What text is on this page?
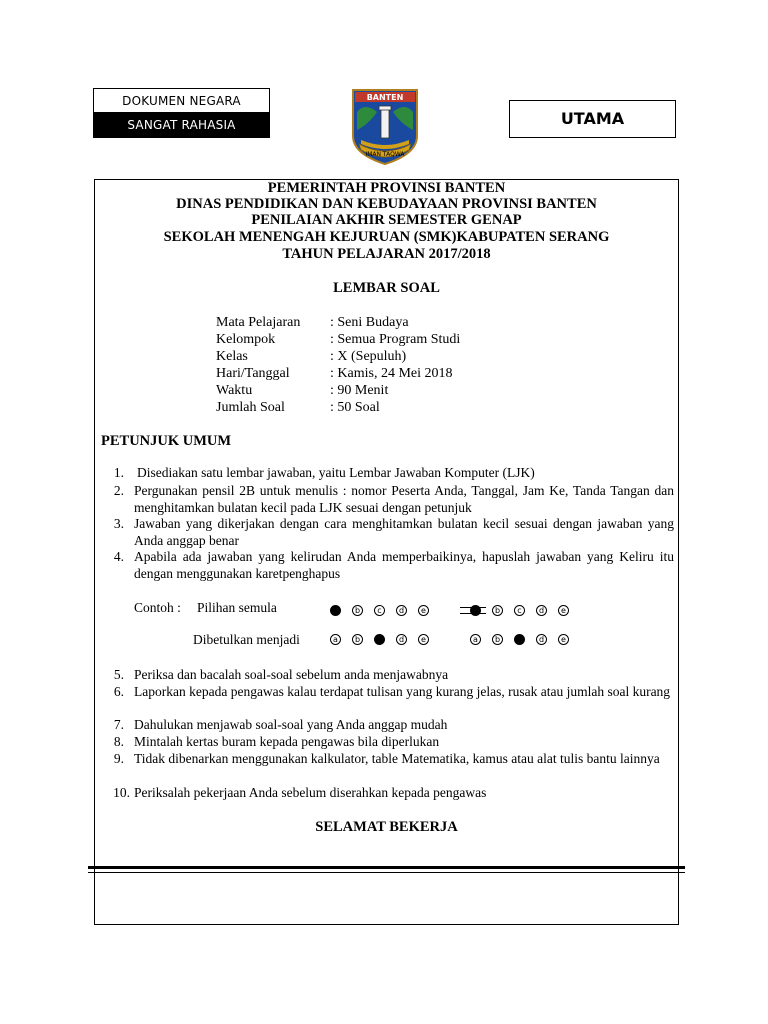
DOKUMEN NEGARA
SANGAT RAHASIA
BANTEN
IMAN TAQWA
UTAMA
PEMERINTAH PROVINSI BANTEN
DINAS PENDIDIKAN DAN KEBUDAYAAN PROVINSI BANTEN
PENILAIAN AKHIR SEMESTER GENAP
SEKOLAH MENENGAH KEJURUAN (SMK)KABUPATEN SERANG
TAHUN PELAJARAN 2017/2018
LEMBAR SOAL
Mata Pelajaran : Seni Budaya
Kelompok	: Semua Program Studi
Kelas	: X (Sepuluh)
Hari/Tanggal	: Kamis, 24 Mei 2018
Waktu	: 90 Menit
Jumlah Soal	: 50 Soal
PETUNJUK UMUM
1. Disediakan satu lembar jawaban, yaitu Lembar Jawaban Komputer (LJK)
2. Pergunakan pensil 2B untuk menulis : nomor Peserta Anda, Tanggal, Jam Ke, Tanda Tangan dan menghitamkan bulatan kecil pada LJK sesuai dengan petunjuk
3. Jawaban yang dikerjakan dengan cara menghitamkan bulatan kecil sesuai dengan jawaban yang Anda anggap benar
4. Apabila ada jawaban yang kelirudan Anda memperbaikinya, hapuslah jawaban yang Keliru itu dengan menggunakan karetpenghapus
Contoh : Pilihan semula
Dibetulkan menjadi
b	c	d	e	b	c	d	e
a	b	d	e	a	b	d	e
5. Periksa dan bacalah soal-soal sebelum anda menjawabnya
6. Laporkan kepada pengawas kalau terdapat tulisan yang kurang jelas, rusak atau jumlah soal kurang
7. Dahulukan menjawab soal-soal yang Anda anggap mudah
8. Mintalah kertas buram kepada pengawas bila diperlukan
9. Tidak dibenarkan menggunakan kalkulator, table Matematika, kamus atau alat tulis bantu lainnya
10. Periksalah pekerjaan Anda sebelum diserahkan kepada pengawas
SELAMAT BEKERJA
